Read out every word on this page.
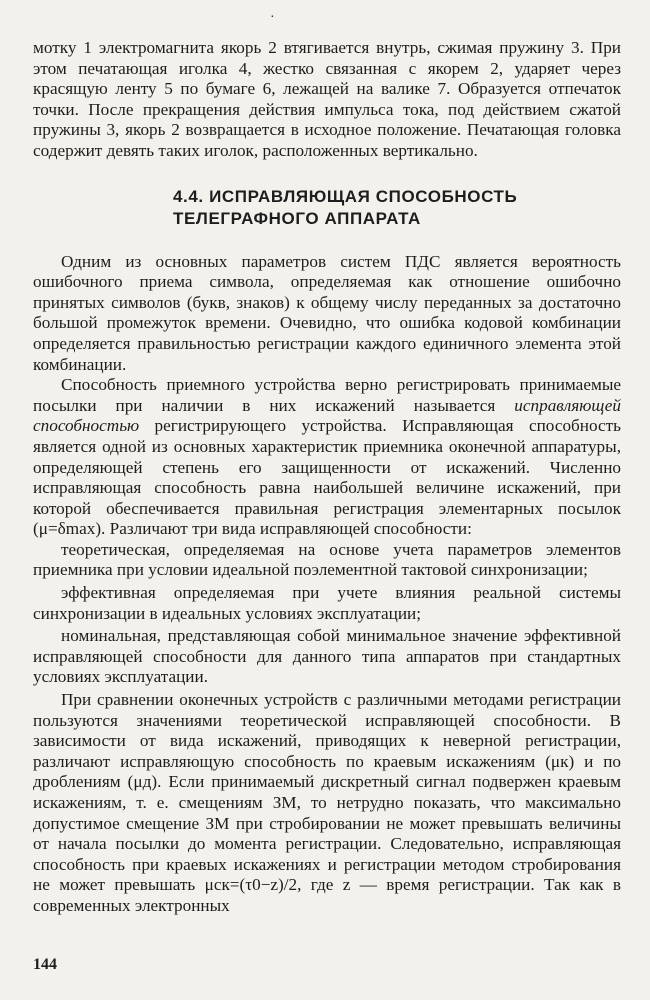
·

мотку 1 электромагнита якорь 2 втягивается внутрь, сжимая пружину 3. При этом печатающая иголка 4, жестко связанная с якорем 2, ударяет через красящую ленту 5 по бумаге 6, лежащей на валике 7. Образуется отпечаток точки. После прекращения действия импульса тока, под действием сжатой пружины 3, якорь 2 возвращается в исходное положение. Печатающая головка содержит девять таких иголок, расположенных вертикально.

4.4. ИСПРАВЛЯЮЩАЯ СПОСОБНОСТЬ
ТЕЛЕГРАФНОГО АППАРАТА

Одним из основных параметров систем ПДС является вероятность ошибочного приема символа, определяемая как отношение ошибочно принятых символов (букв, знаков) к общему числу переданных за достаточно большой промежуток времени. Очевидно, что ошибка кодовой комбинации определяется правильностью регистрации каждого единичного элемента этой комбинации.

Способность приемного устройства верно регистрировать принимаемые посылки при наличии в них искажений называется исправляющей способностью регистрирующего устройства. Исправляющая способность является одной из основных характеристик приемника оконечной аппаратуры, определяющей степень его защищенности от искажений. Численно исправляющая способность равна наибольшей величине искажений, при которой обеспечивается правильная регистрация элементарных посылок (μ=δmax). Различают три вида исправляющей способности:

теоретическая, определяемая на основе учета параметров элементов приемника при условии идеальной поэлементной тактовой синхронизации;

эффективная определяемая при учете влияния реальной системы синхронизации в идеальных условиях эксплуатации;

номинальная, представляющая собой минимальное значение эффективной исправляющей способности для данного типа аппаратов при стандартных условиях эксплуатации.

При сравнении оконечных устройств с различными методами регистрации пользуются значениями теоретической исправляющей способности. В зависимости от вида искажений, приводящих к неверной регистрации, различают исправляющую способность по краевым искажениям (μк) и по дроблениям (μд). Если принимаемый дискретный сигнал подвержен краевым искажениям, т. е. смещениям ЗМ, то нетрудно показать, что максимально допустимое смещение ЗМ при стробировании не может превышать величины от начала посылки до момента регистрации. Следовательно, исправляющая способность при краевых искажениях и регистрации методом стробирования не может превышать μск=(τ0−z)/2, где z — время регистрации. Так как в современных электронных

144
